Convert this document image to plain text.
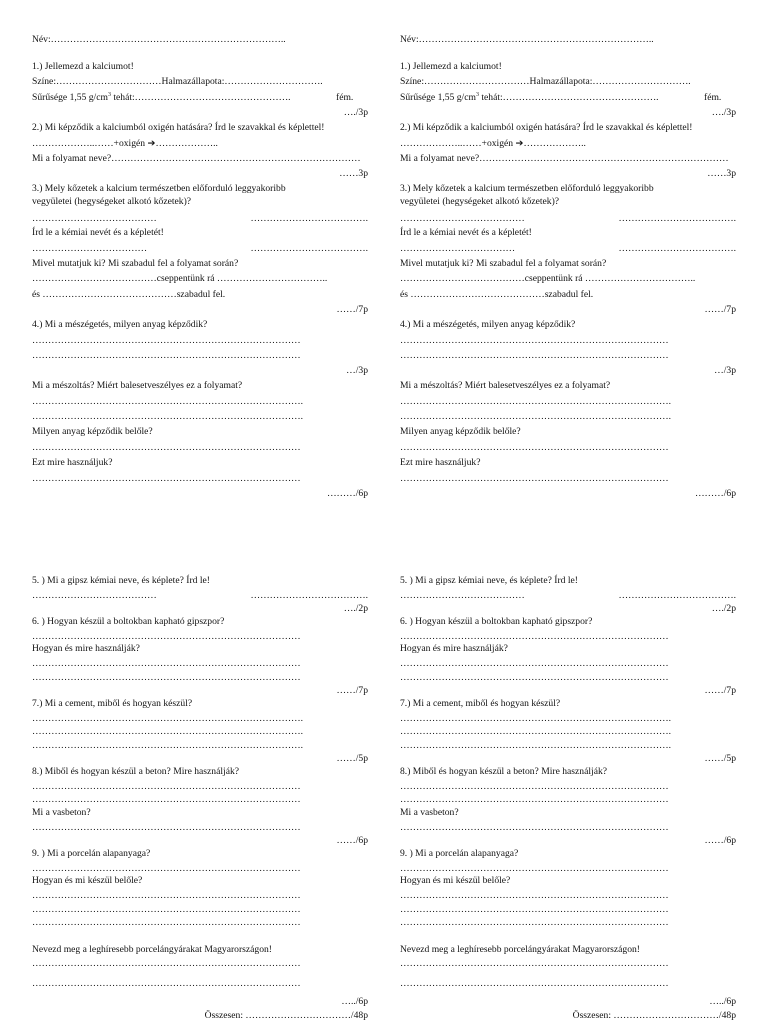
Név:………………………………………………………………..
1.) Jellemezd a kalciumot!
Színe:……………………………Halmazállapota:………………………….
Sűrűsége 1,55 $g/cm^3$ tehát:………………………………………….	fém.
…./3p
2.) Mi képződik a kalciumból oxigén hatására? Írd le szavakkal és képlettel!
………………..……+oxigén ➔………………..
Mi a folyamat neve?……………………………………………………………………
……3p
3.) Mely kőzetek a kalcium természetben előforduló leggyakoribb
vegyületei (hegységeket alkotó kőzetek)?
…………………………………	……………………………….
Írd le a kémiai nevét és a képletét!
………………………………	……………………………….
Mivel mutatjuk ki? Mi szabadul fel a folyamat során?
…………………………………cseppentünk rá ……………………………..
és ……………………………………szabadul fel.
……/7p
4.) Mi a mészégetés, milyen anyag képződik?
…………………………………………………………………………
…………………………………………………………………………
…/3p
Mi a mészoltás? Miért balesetveszélyes ez a folyamat?
………………………………………………………………………….
………………………………………………………………………….
Milyen anyag képződik belőle?
…………………………………………………………………………
Ezt mire használjuk?
…………………………………………………………………………
………/6p
5. ) Mi a gipsz kémiai neve, és képlete? Írd le!
…………………………………	……………………………….
…./2p
6. ) Hogyan készül a boltokban kapható gipszpor?
…………………………………………………………………………
Hogyan és mire használják?
…………………………………………………………………………
…………………………………………………………………………
……/7p
7.) Mi a cement, miből és hogyan készül?
………………………………………………………………………….
………………………………………………………………………….
………………………………………………………………………….
……/5p
8.) Miből és hogyan készül a beton? Mire használják?
…………………………………………………………………………
…………………………………………………………………………
Mi a vasbeton?
…………………………………………………………………………
……/6p
9. ) Mi a porcelán alapanyaga?
…………………………………………………………………………
Hogyan és mi készül belőle?
…………………………………………………………………………
…………………………………………………………………………
…………………………………………………………………………
Nevezd meg a leghíresebb porcelángyárakat Magyarországon!
…………………………………………………………………………
…………………………………………………………………………
…../6p
Összesen: ……………………………/48p
Név:………………………………………………………………..
1.) Jellemezd a kalciumot!
Színe:……………………………Halmazállapota:………………………….
Sűrűsége 1,55 $g/cm^3$ tehát:………………………………………….	fém.
…./3p
2.) Mi képződik a kalciumból oxigén hatására? Írd le szavakkal és képlettel!
………………..……+oxigén ➔………………..
Mi a folyamat neve?……………………………………………………………………
……3p
3.) Mely kőzetek a kalcium természetben előforduló leggyakoribb
vegyületei (hegységeket alkotó kőzetek)?
…………………………………	……………………………….
Írd le a kémiai nevét és a képletét!
………………………………	……………………………….
Mivel mutatjuk ki? Mi szabadul fel a folyamat során?
…………………………………cseppentünk rá ……………………………..
és ……………………………………szabadul fel.
……/7p
4.) Mi a mészégetés, milyen anyag képződik?
…………………………………………………………………………
…………………………………………………………………………
…/3p
Mi a mészoltás? Miért balesetveszélyes ez a folyamat?
………………………………………………………………………….
………………………………………………………………………….
Milyen anyag képződik belőle?
…………………………………………………………………………
Ezt mire használjuk?
…………………………………………………………………………
………/6p
5. ) Mi a gipsz kémiai neve, és képlete? Írd le!
…………………………………	……………………………….
…./2p
6. ) Hogyan készül a boltokban kapható gipszpor?
…………………………………………………………………………
Hogyan és mire használják?
…………………………………………………………………………
…………………………………………………………………………
……/7p
7.) Mi a cement, miből és hogyan készül?
………………………………………………………………………….
………………………………………………………………………….
………………………………………………………………………….
……/5p
8.) Miből és hogyan készül a beton? Mire használják?
…………………………………………………………………………
…………………………………………………………………………
Mi a vasbeton?
…………………………………………………………………………
……/6p
9. ) Mi a porcelán alapanyaga?
…………………………………………………………………………
Hogyan és mi készül belőle?
…………………………………………………………………………
…………………………………………………………………………
…………………………………………………………………………
Nevezd meg a leghíresebb porcelángyárakat Magyarországon!
…………………………………………………………………………
…………………………………………………………………………
…../6p
Összesen: ……………………………/48p
